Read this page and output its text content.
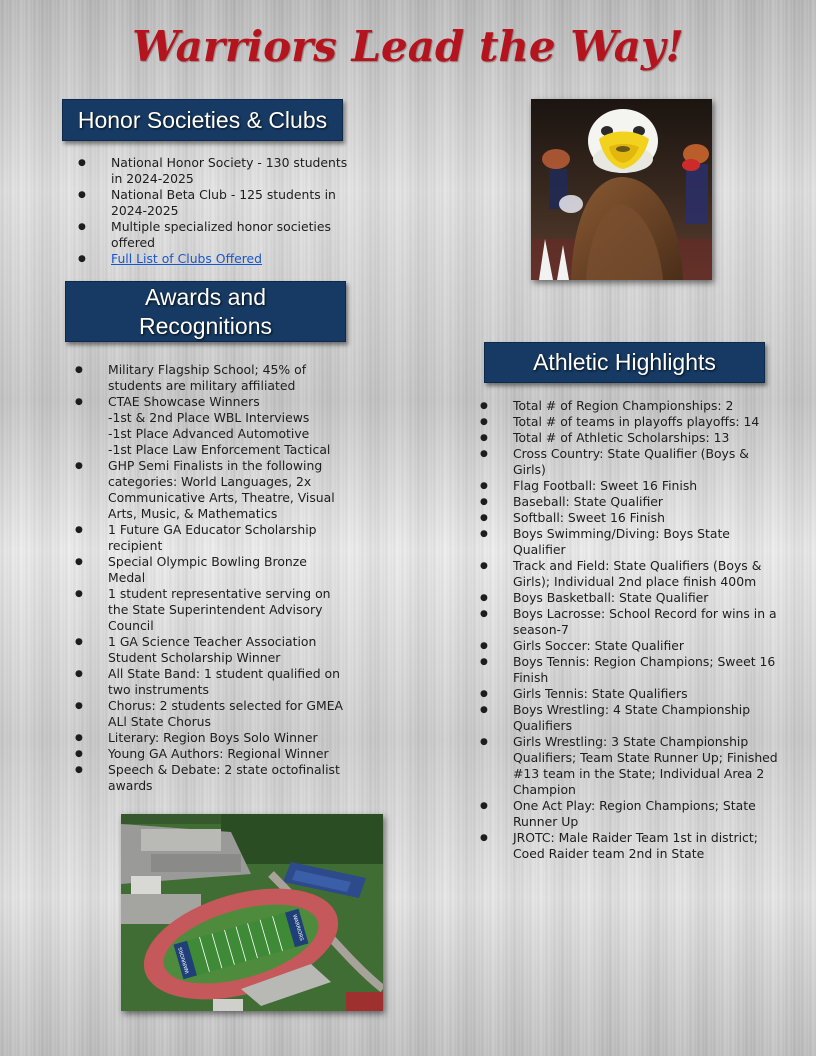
Warriors Lead the Way!
Honor Societies & Clubs
● National Honor Society - 130 students in 2024-2025
● National Beta Club - 125 students in 2024-2025
● Multiple specialized honor societies offered
● Full List of Clubs Offered
Awards and
Recognitions
● Military Flagship School; 45% of students are military affiliated
● CTAE Showcase Winners
-1st & 2nd Place WBL Interviews
-1st Place Advanced Automotive
-1st Place Law Enforcement Tactical
● GHP Semi Finalists in the following categories: World Languages, 2x Communicative Arts, Theatre, Visual Arts, Music, & Mathematics
● 1 Future GA Educator Scholarship recipient
● Special Olympic Bowling Bronze Medal
● 1 student representative serving on the State Superintendent Advisory Council
● 1 GA Science Teacher Association Student Scholarship Winner
● All State Band: 1 student qualified on two instruments
● Chorus: 2 students selected for GMEA ALl State Chorus
● Literary: Region Boys Solo Winner
● Young GA Authors: Regional Winner
● Speech & Debate: 2 state octofinalist awards
Athletic Highlights
● Total # of Region Championships: 2
● Total # of teams in playoffs playoffs: 14
● Total # of Athletic Scholarships: 13
● Cross Country: State Qualifier (Boys & Girls)
● Flag Football: Sweet 16 Finish
● Baseball: State Qualifier
● Softball: Sweet 16 Finish
● Boys Swimming/Diving: Boys State Qualifier
● Track and Field: State Qualifiers (Boys & Girls); Individual 2nd place finish 400m
● Boys Basketball: State Qualifier
● Boys Lacrosse: School Record for wins in a season-7
● Girls Soccer: State Qualifier
● Boys Tennis: Region Champions; Sweet 16 Finish
● Girls Tennis: State Qualifiers
● Boys Wrestling: 4 State Championship Qualifiers
● Girls Wrestling: 3 State Championship Qualifiers; Team State Runner Up; Finished #13 team in the State; Individual Area 2 Champion
● One Act Play: Region Champions; State Runner Up
● JROTC: Male Raider Team 1st in district; Coed Raider team 2nd in State
WARRIORS
WARRIORS
